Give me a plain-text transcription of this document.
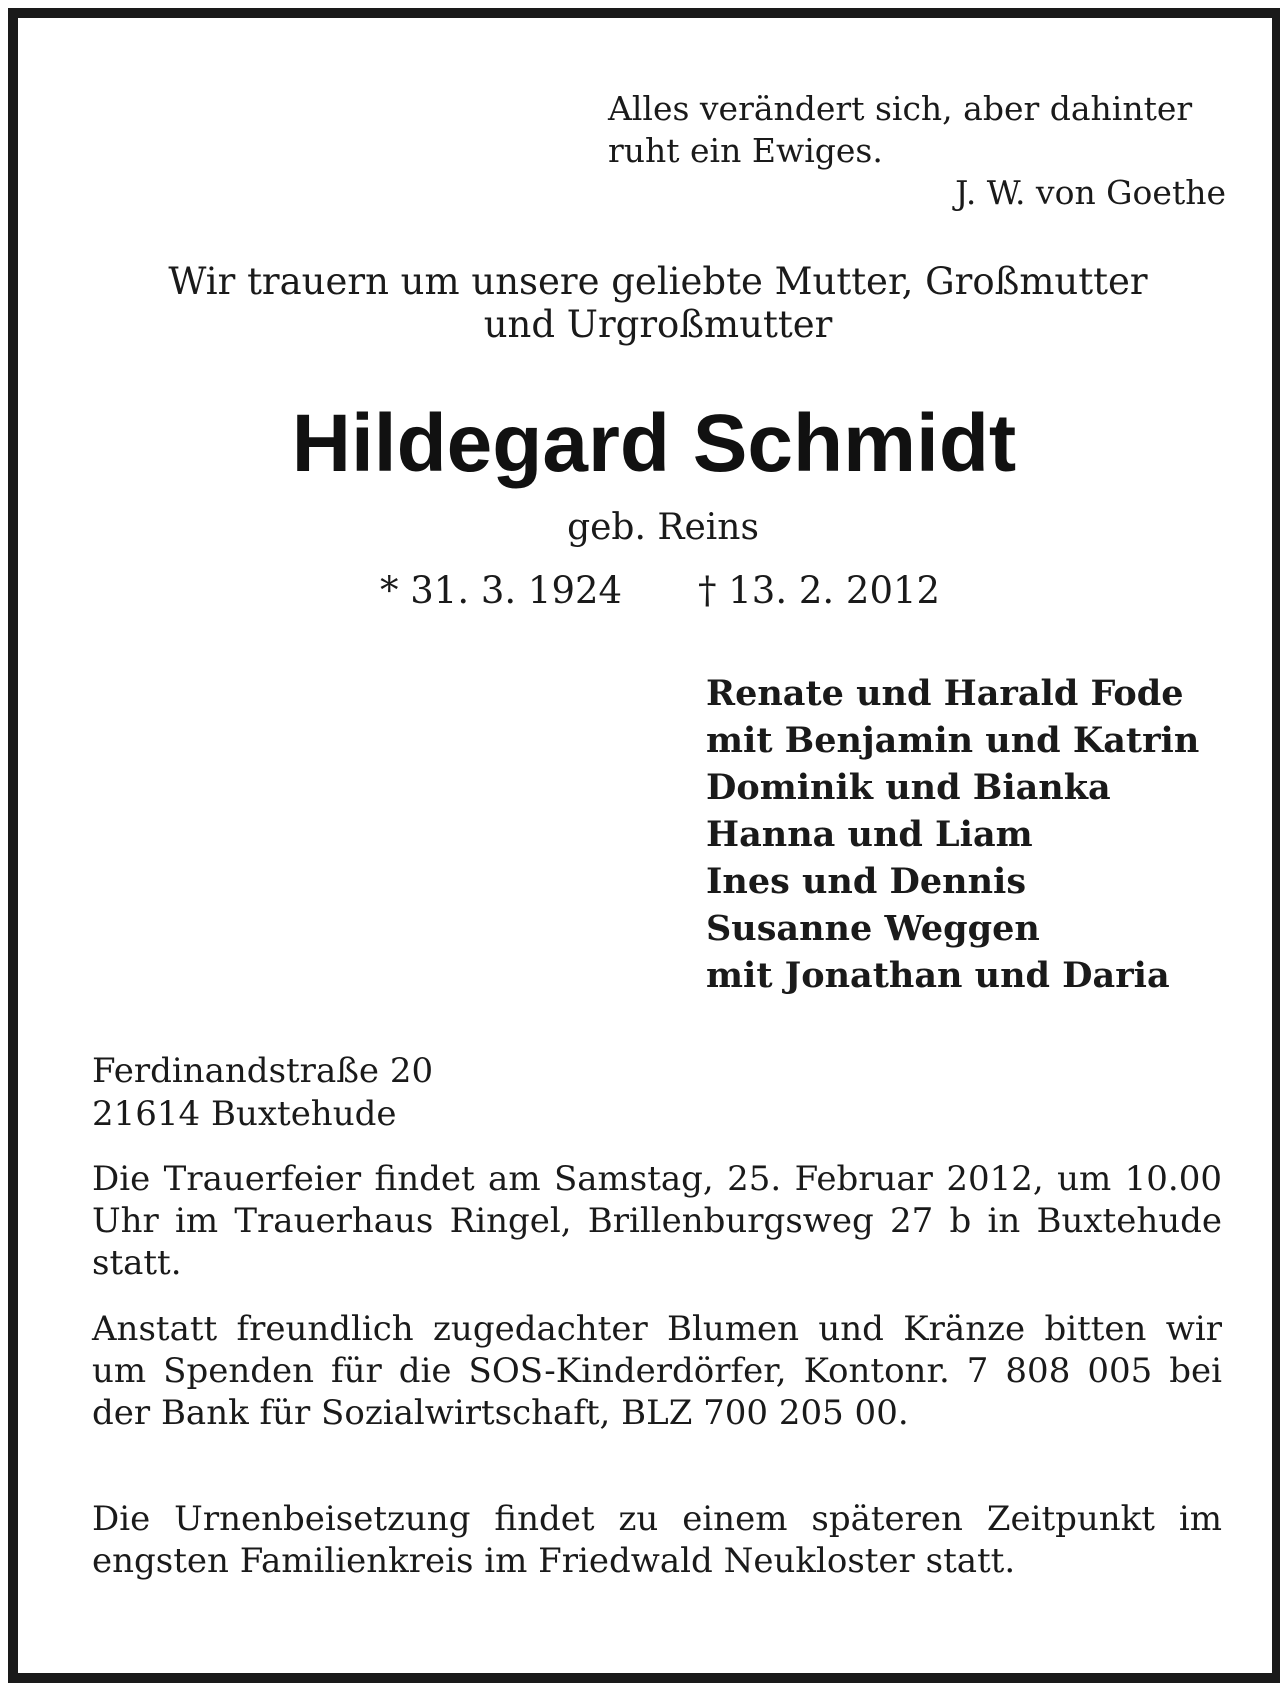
Alles verändert sich, aber dahinter
ruht ein Ewiges.
J. W. von Goethe
Wir trauern um unsere geliebte Mutter, Großmutter
und Urgroßmutter
Hildegard Schmidt
geb. Reins
* 31. 3. 1924 † 13. 2. 2012
Renate und Harald Fode
mit Benjamin und Katrin
Dominik und Bianka
Hanna und Liam
Ines und Dennis
Susanne Weggen
mit Jonathan und Daria
Ferdinandstraße 20
21614 Buxtehude
Die Trauerfeier findet am Samstag, 25. Februar 2012, um 10.00 Uhr im Trauerhaus Ringel, Brillenburgsweg 27 b in Buxtehude statt.
Anstatt freundlich zugedachter Blumen und Kränze bitten wir um Spenden für die SOS-Kinderdörfer, Kontonr. 7 808 005 bei der Bank für Sozialwirtschaft, BLZ 700 205 00.
Die Urnenbeisetzung findet zu einem späteren Zeitpunkt im engsten Familienkreis im Friedwald Neukloster statt.
